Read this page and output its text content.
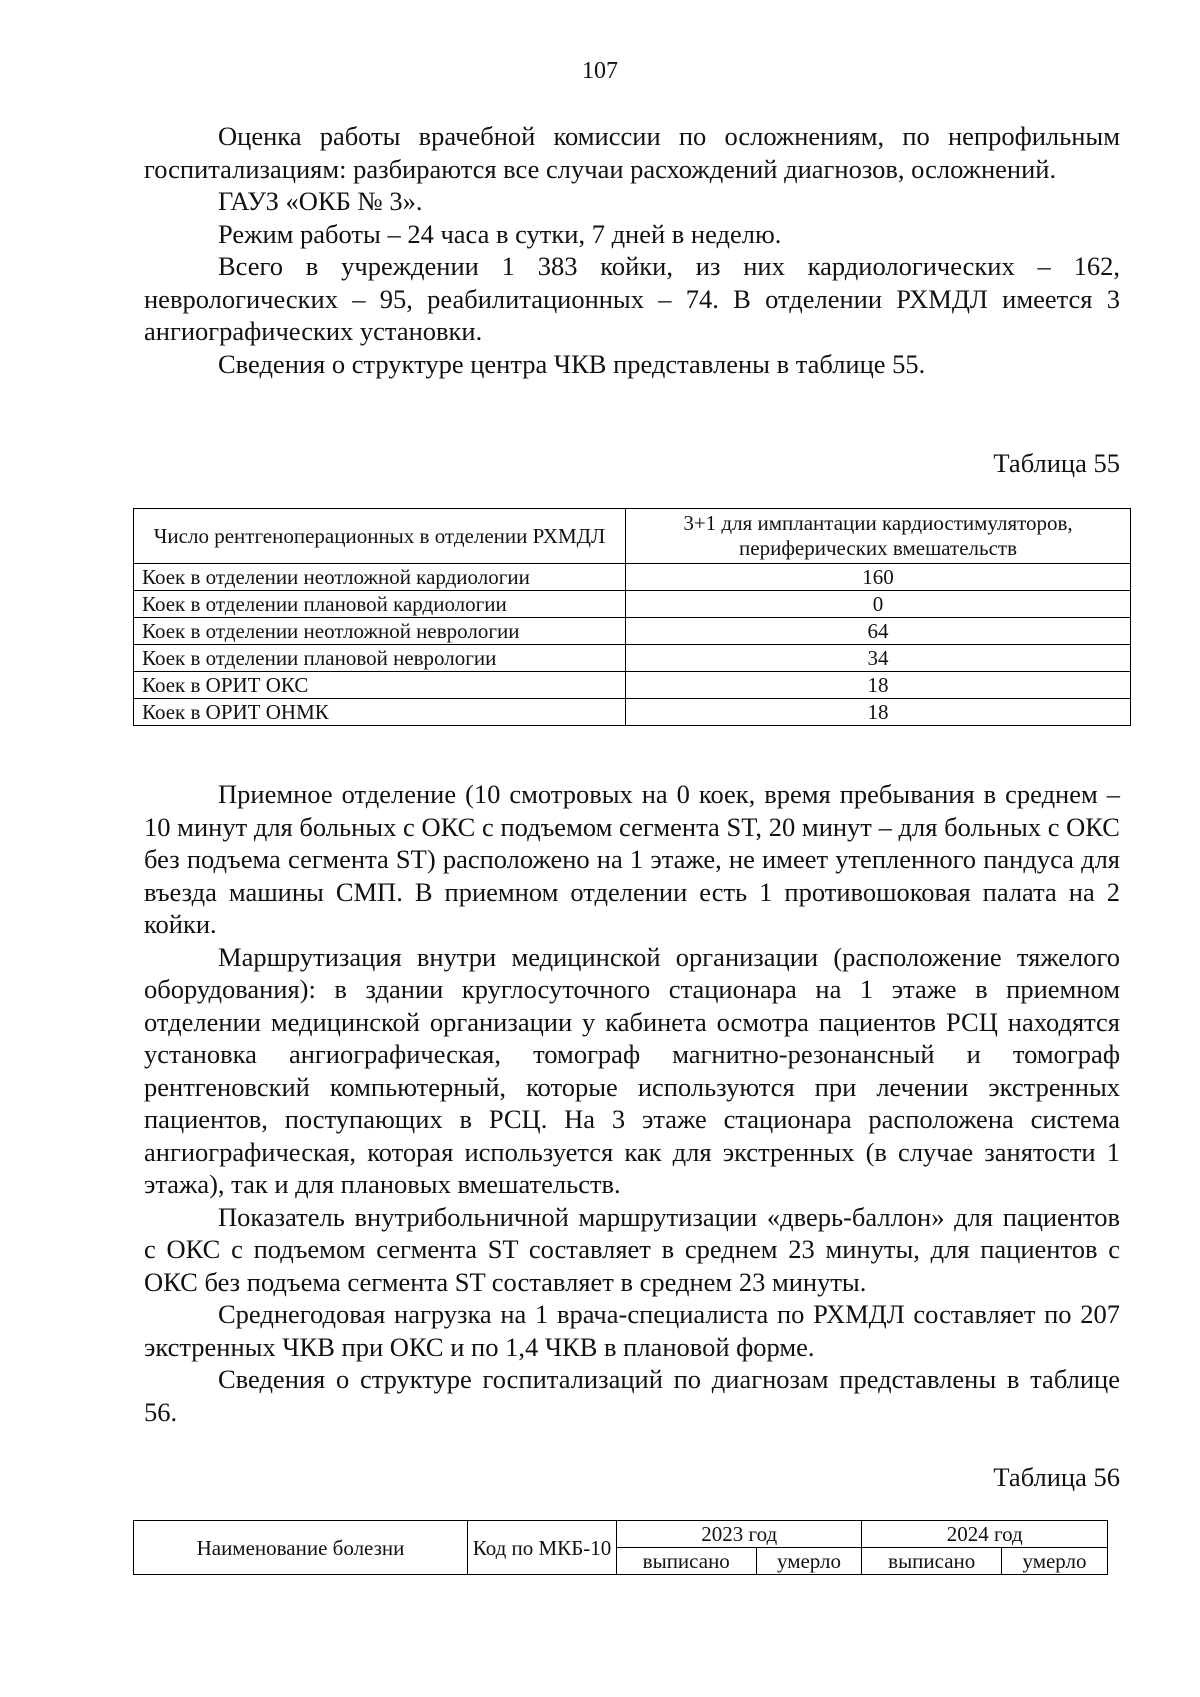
107

Оценка работы врачебной комиссии по осложнениям, по непрофильным госпитализациям: разбираются все случаи расхождений диагнозов, осложнений.

ГАУЗ «ОКБ № 3».

Режим работы – 24 часа в сутки, 7 дней в неделю.

Всего в учреждении 1 383 койки, из них кардиологических – 162, неврологических – 95, реабилитационных – 74. В отделении РХМДЛ имеется 3 ангиографических установки.

Сведения о структуре центра ЧКВ представлены в таблице 55.

Таблица 55
Число рентгеноперационных в отделении РХМДЛ	3+1 для имплантации кардиостимуляторов, периферических вмешательств
Коек в отделении неотложной кардиологии	160
Коек в отделении плановой кардиологии	0
Коек в отделении неотложной неврологии	64
Коек в отделении плановой неврологии	34
Коек в ОРИТ ОКС	18
Коек в ОРИТ ОНМК	18

Приемное отделение (10 смотровых на 0 коек, время пребывания в среднем – 10 минут для больных с ОКС с подъемом сегмента ST, 20 минут – для больных с ОКС без подъема сегмента ST) расположено на 1 этаже, не имеет утепленного пандуса для въезда машины СМП. В приемном отделении есть 1 противошоковая палата на 2 койки.

Маршрутизация внутри медицинской организации (расположение тяжелого оборудования): в здании круглосуточного стационара на 1 этаже в приемном отделении медицинской организации у кабинета осмотра пациентов РСЦ находятся установка ангиографическая, томограф магнитно-резонансный и томограф рентгеновский компьютерный, которые используются при лечении экстренных пациентов, поступающих в РСЦ. На 3 этаже стационара расположена система ангиографическая, которая используется как для экстренных (в случае занятости 1 этажа), так и для плановых вмешательств.

Показатель внутрибольничной маршрутизации «дверь-баллон» для пациентов с ОКС с подъемом сегмента ST составляет в среднем 23 минуты, для пациентов с ОКС без подъема сегмента ST составляет в среднем 23 минуты.

Среднегодовая нагрузка на 1 врача-специалиста по РХМДЛ составляет по 207 экстренных ЧКВ при ОКС и по 1,4 ЧКВ в плановой форме.

Сведения о структуре госпитализаций по диагнозам представлены в таблице 56.

Таблица 56
Наименование болезни	Код по МКБ-10	2023 год		2024 год	
		выписано	умерло	выписано	умерло
